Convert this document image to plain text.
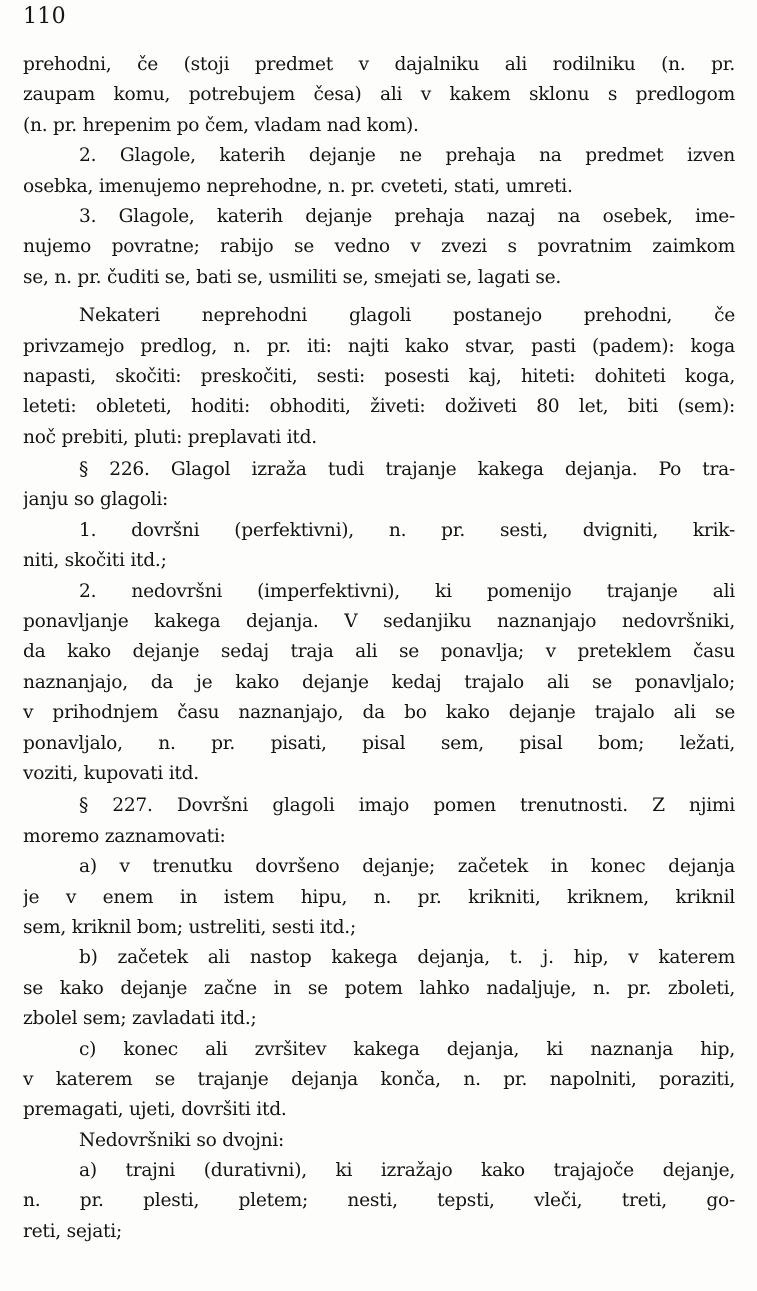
110
prehodni, če (stoji predmet v dajalniku ali rodilniku (n. pr.
zaupam komu, potrebujem česa) ali v kakem sklonu s predlogom
(n. pr. hrepenim po čem, vladam nad kom).
2. Glagole, katerih dejanje ne prehaja na predmet izven
osebka, imenujemo neprehodne, n. pr. cveteti, stati, umreti.
3. Glagole, katerih dejanje prehaja nazaj na osebek, ime-
nujemo povratne; rabijo se vedno v zvezi s povratnim zaimkom
se, n. pr. čuditi se, bati se, usmiliti se, smejati se, lagati se.
Nekateri neprehodni glagoli postanejo prehodni, če
privzamejo predlog, n. pr. iti: najti kako stvar, pasti (padem): koga
napasti, skočiti: preskočiti, sesti: posesti kaj, hiteti: dohiteti koga,
leteti: obleteti, hoditi: obhoditi, živeti: doživeti 80 let, biti (sem):
noč prebiti, pluti: preplavati itd.
§ 226. Glagol izraža tudi trajanje kakega dejanja. Po tra-
janju so glagoli:
1. dovršni (perfektivni), n. pr. sesti, dvigniti, krik-
niti, skočiti itd.;
2. nedovršni (imperfektivni), ki pomenijo trajanje ali
ponavljanje kakega dejanja. V sedanjiku naznanjajo nedovršniki,
da kako dejanje sedaj traja ali se ponavlja; v preteklem času
naznanjajo, da je kako dejanje kedaj trajalo ali se ponavljalo;
v prihodnjem času naznanjajo, da bo kako dejanje trajalo ali se
ponavljalo, n. pr. pisati, pisal sem, pisal bom; ležati,
voziti, kupovati itd.
§ 227. Dovršni glagoli imajo pomen trenutnosti. Z njimi
moremo zaznamovati:
a) v trenutku dovršeno dejanje; začetek in konec dejanja
je v enem in istem hipu, n. pr. krikniti, kriknem, kriknil
sem, kriknil bom; ustreliti, sesti itd.;
b) začetek ali nastop kakega dejanja, t. j. hip, v katerem
se kako dejanje začne in se potem lahko nadaljuje, n. pr. zboleti,
zbolel sem; zavladati itd.;
c) konec ali zvršitev kakega dejanja, ki naznanja hip,
v katerem se trajanje dejanja konča, n. pr. napolniti, poraziti,
premagati, ujeti, dovršiti itd.
Nedovršniki so dvojni:
a) trajni (durativni), ki izražajo kako trajajoče dejanje,
n. pr. plesti, pletem; nesti, tepsti, vleči, treti, go-
reti, sejati;
